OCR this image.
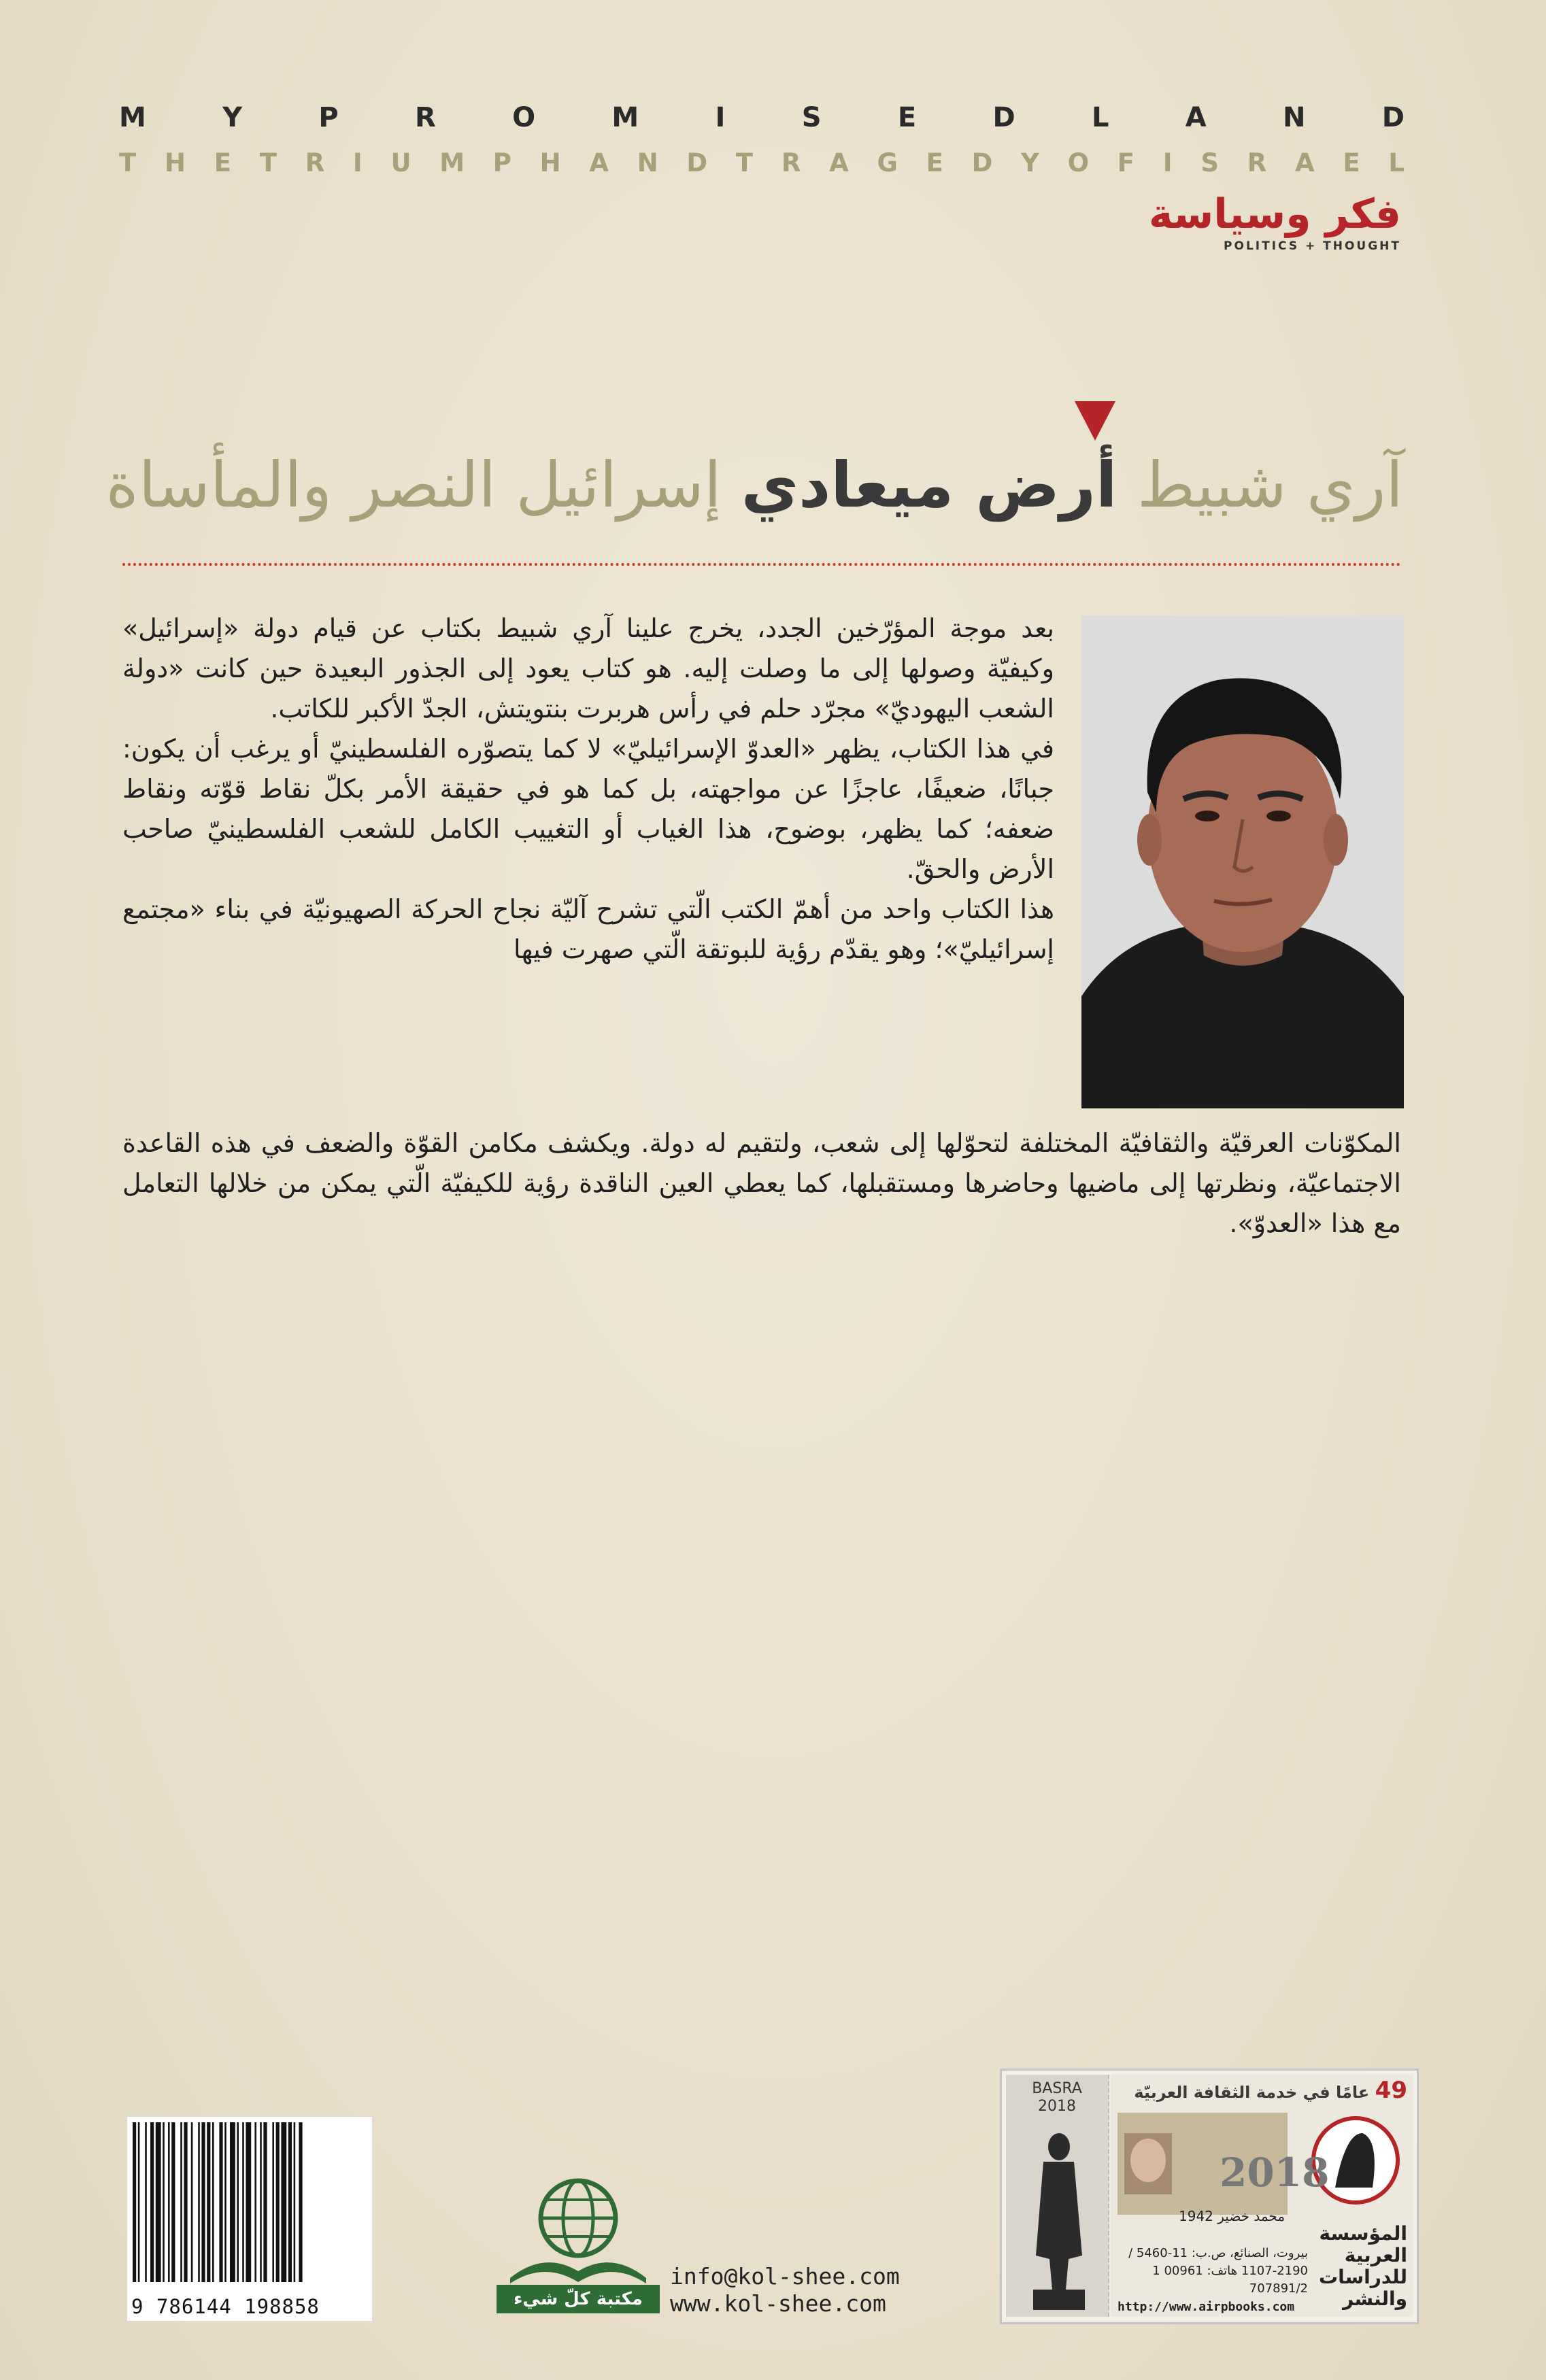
M	Y	P	R	O	M	I	S	E	D	L	A	N	D
T H E T R I U M P H A N D T R A G E D Y O F I S R A E L
فكر وسياسة
POLITICS + THOUGHT
آري شبيط أرض ميعادي إسرائيل النصر والمأساة

بعد موجة المؤرّخين الجدد، يخرج علينا آري شبيط بكتاب عن قيام دولة «إسرائيل» وكيفيّة وصولها إلى ما وصلت إليه. هو كتاب يعود إلى الجذور البعيدة حين كانت «دولة الشعب اليهوديّ» مجرّد حلم في رأس هربرت بنتويتش، الجدّ الأكبر للكاتب.

في هذا الكتاب، يظهر «العدوّ الإسرائيليّ» لا كما يتصوّره الفلسطينيّ أو يرغب أن يكون: جبانًا، ضعيفًا، عاجزًا عن مواجهته، بل كما هو في حقيقة الأمر بكلّ نقاط قوّته ونقاط ضعفه؛ كما يظهر، بوضوح، هذا الغياب أو التغييب الكامل للشعب الفلسطينيّ صاحب الأرض والحقّ.

هذا الكتاب واحد من أهمّ الكتب الّتي تشرح آليّة نجاح الحركة الصهيونيّة في بناء «مجتمع إسرائيليّ»؛ وهو يقدّم رؤية للبوتقة الّتي صهرت فيها

المكوّنات العرقيّة والثقافيّة المختلفة لتحوّلها إلى شعب، ولتقيم له دولة. ويكشف مكامن القوّة والضعف في هذه القاعدة الاجتماعيّة، ونظرتها إلى ماضيها وحاضرها ومستقبلها، كما يعطي العين الناقدة رؤية للكيفيّة الّتي يمكن من خلالها التعامل مع هذا «العدوّ».

9 786144 198858	مكتبة كلّ شيء
info@kol-shee.com
www.kol-shee.com
BASRA
2018
49 عامًا في خدمة الثقافة العربيّة
2018
محمد خضير 1942
المؤسسة العربية للدراسات والنشر
بيروت، الصنائع، ص.ب: 11-5460 / 2190-1107 هاتف: 00961 1 707891/2
http://www.airpbooks.com
